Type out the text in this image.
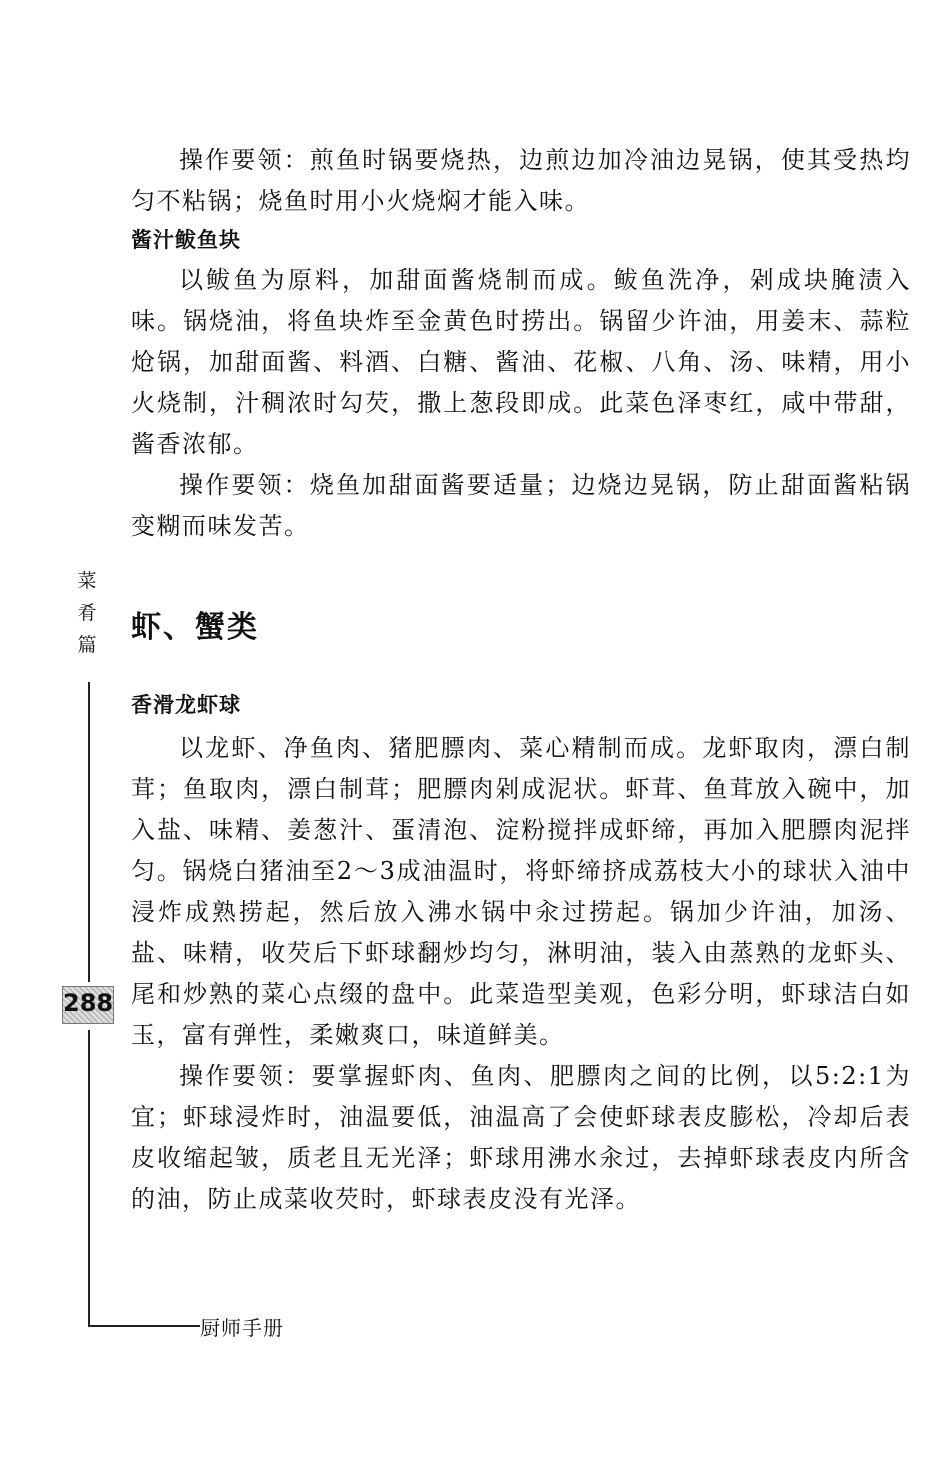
操作要领：煎鱼时锅要烧热，边煎边加冷油边晃锅，使其受热均匀不粘锅；烧鱼时用小火烧焖才能入味。

酱汁鲅鱼块

以鲅鱼为原料，加甜面酱烧制而成。鲅鱼洗净，剁成块腌渍入味。锅烧油，将鱼块炸至金黄色时捞出。锅留少许油，用姜末、蒜粒炝锅，加甜面酱、料酒、白糖、酱油、花椒、八角、汤、味精，用小火烧制，汁稠浓时勾芡，撒上葱段即成。此菜色泽枣红，咸中带甜，酱香浓郁。

操作要领：烧鱼加甜面酱要适量；边烧边晃锅，防止甜面酱粘锅变糊而味发苦。

虾、蟹类
香滑龙虾球

以龙虾、净鱼肉、猪肥膘肉、菜心精制而成。龙虾取肉，漂白制茸；鱼取肉，漂白制茸；肥膘肉剁成泥状。虾茸、鱼茸放入碗中，加入盐、味精、姜葱汁、蛋清泡、淀粉搅拌成虾缔，再加入肥膘肉泥拌匀。锅烧白猪油至2～3成油温时，将虾缔挤成荔枝大小的球状入油中浸炸成熟捞起，然后放入沸水锅中汆过捞起。锅加少许油，加汤、盐、味精，收芡后下虾球翻炒均匀，淋明油，装入由蒸熟的龙虾头、尾和炒熟的菜心点缀的盘中。此菜造型美观，色彩分明，虾球洁白如玉，富有弹性，柔嫩爽口，味道鲜美。

操作要领：要掌握虾肉、鱼肉、肥膘肉之间的比例，以5:2:1为宜；虾球浸炸时，油温要低，油温高了会使虾球表皮膨松，冷却后表皮收缩起皱，质老且无光泽；虾球用沸水汆过，去掉虾球表皮内所含的油，防止成菜收芡时，虾球表皮没有光泽。

菜
肴
篇
288
厨师手册
